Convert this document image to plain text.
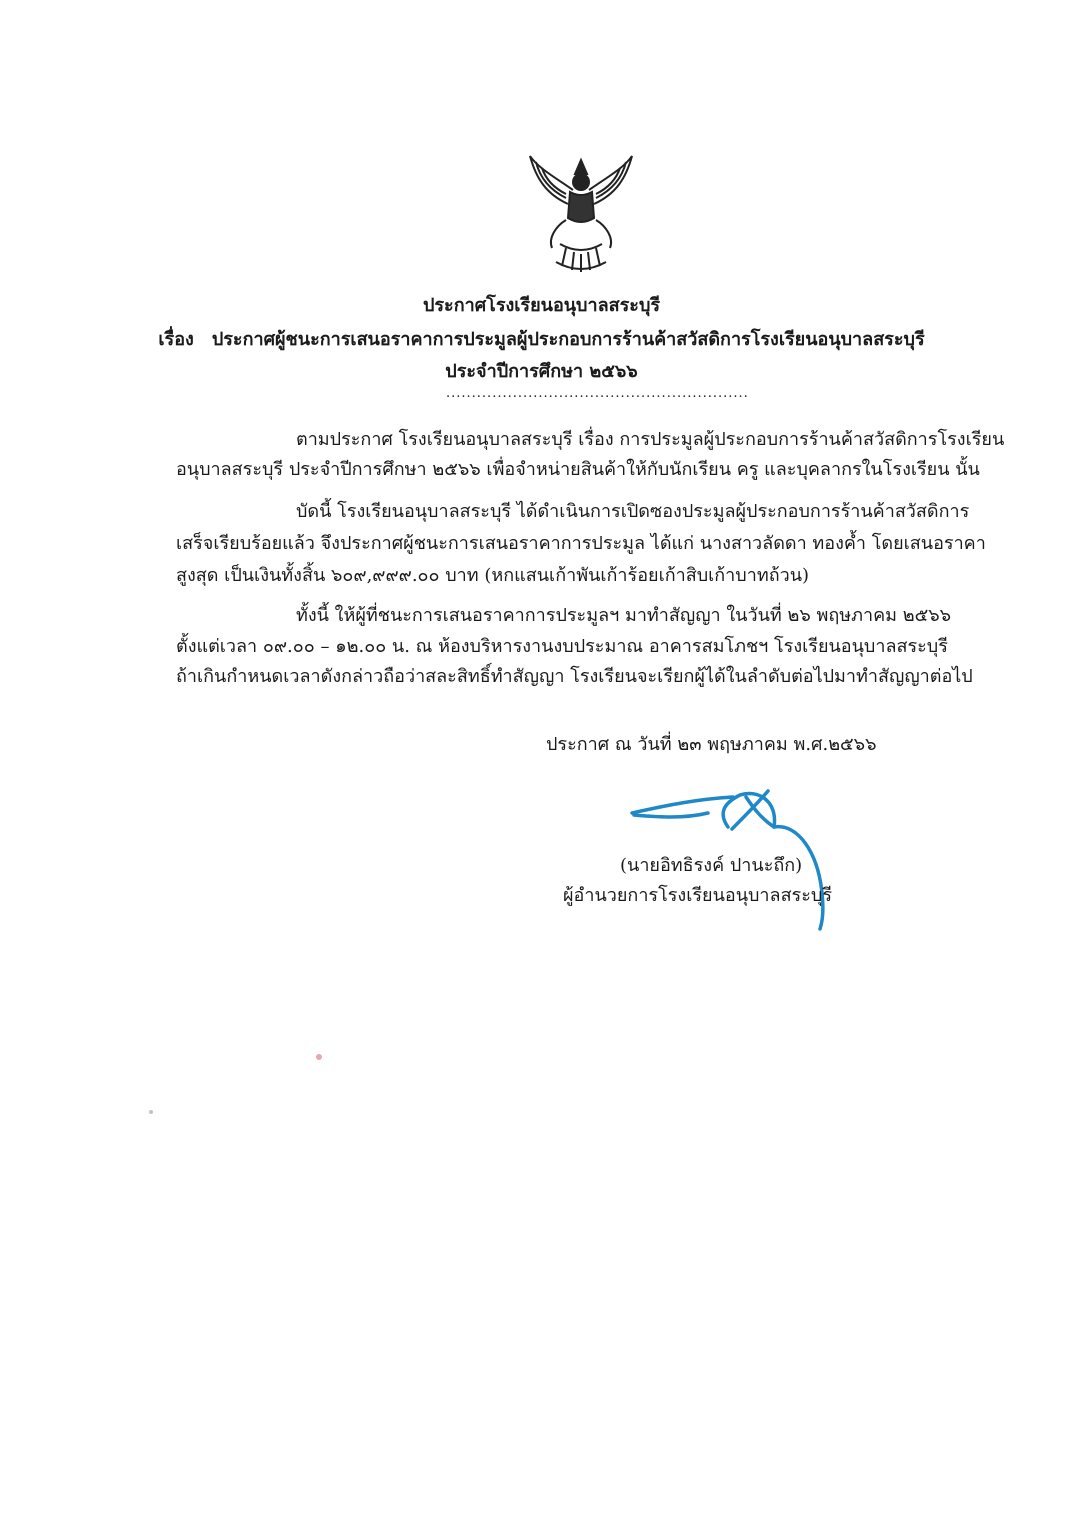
ประกาศโรงเรียนอนุบาลสระบุรี
เรื่อง ประกาศผู้ชนะการเสนอราคาการประมูลผู้ประกอบการร้านค้าสวัสดิการโรงเรียนอนุบาลสระบุรี
ประจำปีการศึกษา ๒๕๖๖
...........................................................
ตามประกาศ โรงเรียนอนุบาลสระบุรี เรื่อง การประมูลผู้ประกอบการร้านค้าสวัสดิการโรงเรียน
อนุบาลสระบุรี ประจำปีการศึกษา ๒๕๖๖ เพื่อจำหน่ายสินค้าให้กับนักเรียน ครู และบุคลากรในโรงเรียน นั้น
บัดนี้ โรงเรียนอนุบาลสระบุรี ได้ดำเนินการเปิดซองประมูลผู้ประกอบการร้านค้าสวัสดิการ
เสร็จเรียบร้อยแล้ว จึงประกาศผู้ชนะการเสนอราคาการประมูล ได้แก่ นางสาวลัดดา ทองค้ำ โดยเสนอราคา
สูงสุด เป็นเงินทั้งสิ้น ๖๐๙,๙๙๙.๐๐ บาท (หกแสนเก้าพันเก้าร้อยเก้าสิบเก้าบาทถ้วน)
ทั้งนี้ ให้ผู้ที่ชนะการเสนอราคาการประมูลฯ มาทำสัญญา ในวันที่ ๒๖ พฤษภาคม ๒๕๖๖
ตั้งแต่เวลา ๐๙.๐๐ – ๑๒.๐๐ น. ณ ห้องบริหารงานงบประมาณ อาคารสมโภชฯ โรงเรียนอนุบาลสระบุรี
ถ้าเกินกำหนดเวลาดังกล่าวถือว่าสละสิทธิ์ทำสัญญา โรงเรียนจะเรียกผู้ได้ในลำดับต่อไปมาทำสัญญาต่อไป
ประกาศ ณ วันที่ ๒๓ พฤษภาคม พ.ศ.๒๕๖๖
(นายอิทธิรงค์ ปานะถึก)
ผู้อำนวยการโรงเรียนอนุบาลสระบุรี
